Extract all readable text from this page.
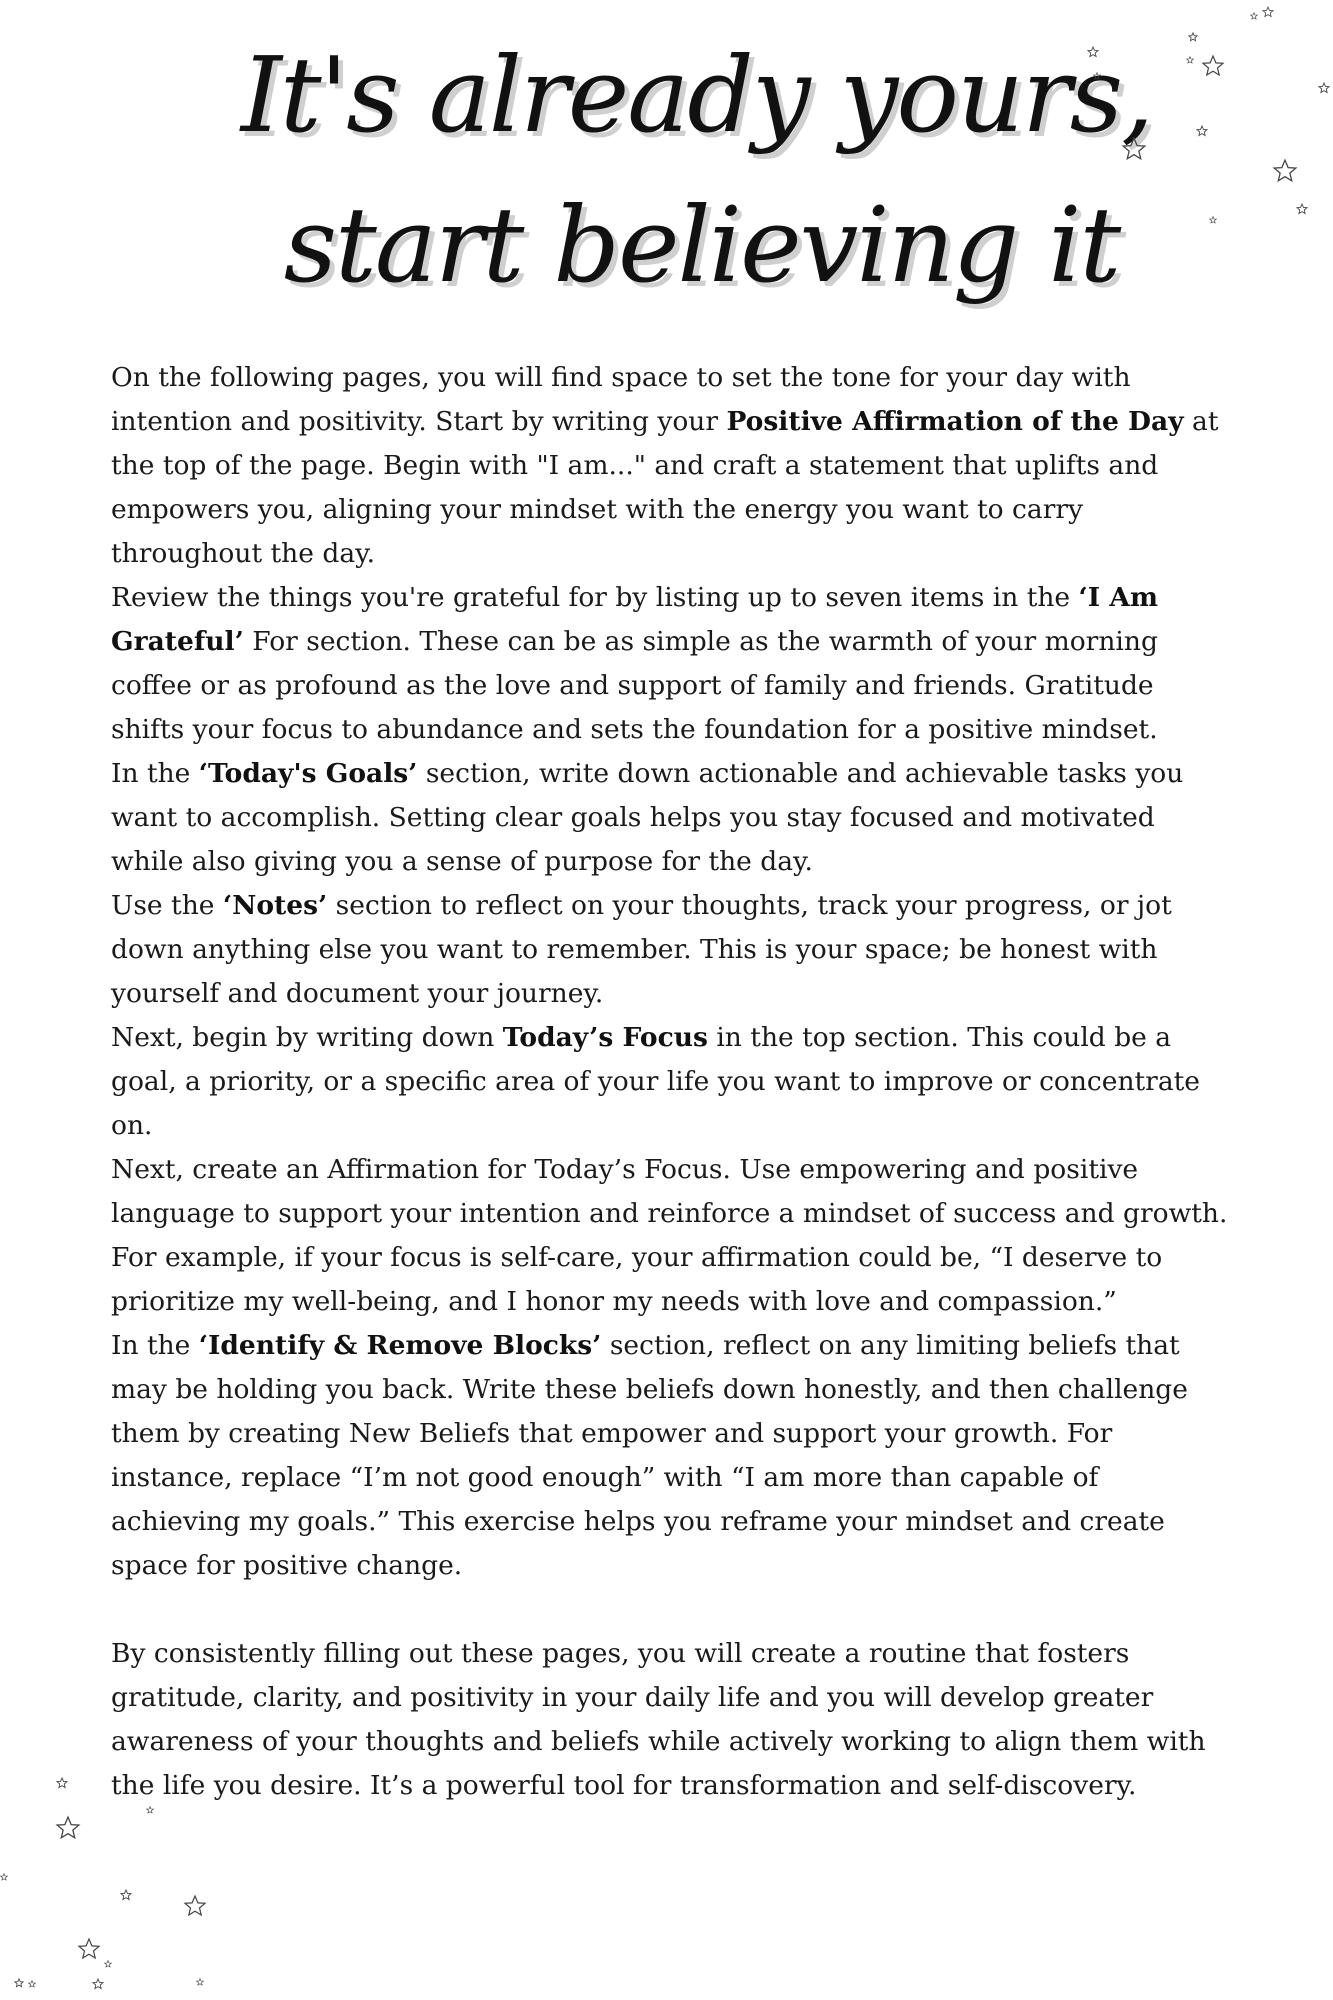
It's already yours,
start believing it

On the following pages, you will find space to set the tone for your day with intention and positivity. Start by writing your Positive Affirmation of the Day at the top of the page. Begin with "I am..." and craft a statement that uplifts and empowers you, aligning your mindset with the energy you want to carry throughout the day.

Review the things you're grateful for by listing up to seven items in the ‘I Am Grateful’ For section. These can be as simple as the warmth of your morning coffee or as profound as the love and support of family and friends. Gratitude shifts your focus to abundance and sets the foundation for a positive mindset.

In the ‘Today's Goals’ section, write down actionable and achievable tasks you want to accomplish. Setting clear goals helps you stay focused and motivated while also giving you a sense of purpose for the day.

Use the ‘Notes’ section to reflect on your thoughts, track your progress, or jot down anything else you want to remember. This is your space; be honest with yourself and document your journey.

Next, begin by writing down Today’s Focus in the top section. This could be a goal, a priority, or a specific area of your life you want to improve or concentrate on.

Next, create an Affirmation for Today’s Focus. Use empowering and positive language to support your intention and reinforce a mindset of success and growth. For example, if your focus is self-care, your affirmation could be, “I deserve to prioritize my well-being, and I honor my needs with love and compassion.”

In the ‘Identify & Remove Blocks’ section, reflect on any limiting beliefs that may be holding you back. Write these beliefs down honestly, and then challenge them by creating New Beliefs that empower and support your growth. For instance, replace “I’m not good enough” with “I am more than capable of achieving my goals.” This exercise helps you reframe your mindset and create space for positive change.

By consistently filling out these pages, you will create a routine that fosters gratitude, clarity, and positivity in your daily life and you will develop greater awareness of your thoughts and beliefs while actively working to align them with the life you desire. It’s a powerful tool for transformation and self-discovery.
